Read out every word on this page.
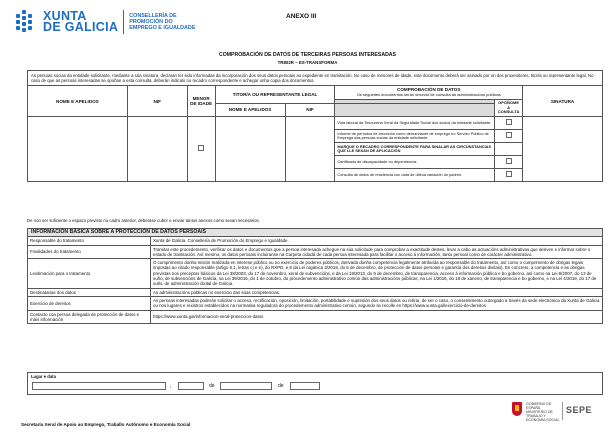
XUNTA
DE GALICIA
CONSELLERÍA DE
PROMOCIÓN DO
EMPREGO E IGUALDADE
ANEXO III
COMPROBACIÓN DE DATOS DE TERCEIRAS PERSOAS INTERESADAS
TR802R – ES-TRANSFORMA
As persoas socias da entidade solicitante, mediante a súa sinatura, declaran ter sido informadas da incorporación dos seus datos persoais ao expediente en tramitación. No caso de menores de idade, este documento deberá ser asinado por un dos proxenitores, titor/a ou representante legal. No caso de que as persoas interesadas se opoñan a esta consulta, deberán indicalo no recadro correspondente e achegar unha copia dos documentos.							
NOME E APELIDOS	NIF	MENOR DE IDADE	TITOR/A OU REPRESENTANTE LEGAL		COMPROBACIÓN DE DATOS
Os seguintes documentos serán obxecto de consulta ás administracións públicas		SINATURA
						OPÓÑOME Á CONSULTA	
			NOME E APELIDOS	NIF			
					Vida laboral da Tesourería Xeral da Seguridade Social dos socios da entidade solicitante.		
					Informe de períodos de inscrición como demandante de emprego no Servizo Público de Emprego das persoas socias da entidade solicitante.		
					MARQUE O RECADRO CORRESPONDENTE PARA SINALAR AS CIRCUNSTANCIAS QUE LLE SEXAN DE APLICACIÓN		
					Certificado de discapacidade ou dependencia.		
					Consulta de datos de residencia con data de última variación do padrón.		
De non ser suficiente o espazo previsto no cadro anterior, deberase cubrir e enviar tantos anexos como sexan necesarios.
INFORMACIÓN BÁSICA SOBRE A PROTECCIÓN DE DATOS PERSOAIS	
Responsable do tratamento	Xunta de Galicia. Consellería de Promoción do Emprego e Igualdade.
Finalidades do tratamento	Tramitar este procedemento, verificar os datos e documentos que a persoa interesada achegue na súa solicitude para comprobar a exactitude destes, levar a cabo as actuacións administrativas que deriven e informar sobre o estado de tramitación. Así mesmo, os datos persoais incluiranse na Carpeta cidadá de cada persoa interesada para facilitar o acceso á información, tanto persoal como de carácter administrativo.
Lexitimación para o tratamento	O cumprimento dunha misión realizada en interese público ou no exercicio de poderes públicos, derivada dunha competencia legalmente atribuída ao responsable do tratamento, así como o cumprimento de obrigas legais impostas ao citado responsable (artigo 6.1, letras c) e e), do RXPD, e 8 da Lei orgánica 3/2018, do 5 de decembro, de protección de datos persoais e garantía dos dereitos dixitais). En concreto, a competencia e as obrigas previstas nos preceptos básicos da Lei 38/2003, do 17 de novembro, xeral de subvencións, e da Lei 19/2013, do 9 de decembro, de transparencia, acceso á información pública e bo goberno, así como na Lei 9/2007, do 13 de xuño, de subvencións de Galicia, na Lei 39/2015, do 1 de outubro, do procedemento administrativo común das administracións públicas, na Lei 1/2016, do 18 de xaneiro, de transparencia e bo goberno, e na Lei 4/2019, do 17 de xullo, de administración dixital de Galicia.
Destinatarias dos datos	As administracións públicas no exercicio das súas competencias.
Exercicio de dereitos	As persoas interesadas poderán solicitar o acceso, rectificación, oposición, limitación, portabilidade e supresión dos seus datos ou retirar, de ser o caso, o consentimento outorgado a través da sede electrónica da Xunta de Galicia ou nos lugares e rexistros establecidos na normativa reguladora do procedemento administrativo común, segundo se recolle en https://www.xunta.gal/exercicio-de-dereitos
Contacto coa persoa delegada de protección de datos e máis información	https://www.xunta.gal/informacion-xeral-proteccion-datos
Lugar e data
,	de	de
Secretaría Xeral de Apoio ao Emprego, Traballo Autónomo e Economía Social
GOBIERNO DE ESPAÑA
MINISTERIO DE TRABAJO Y ECONOMÍA SOCIAL
SEPE
